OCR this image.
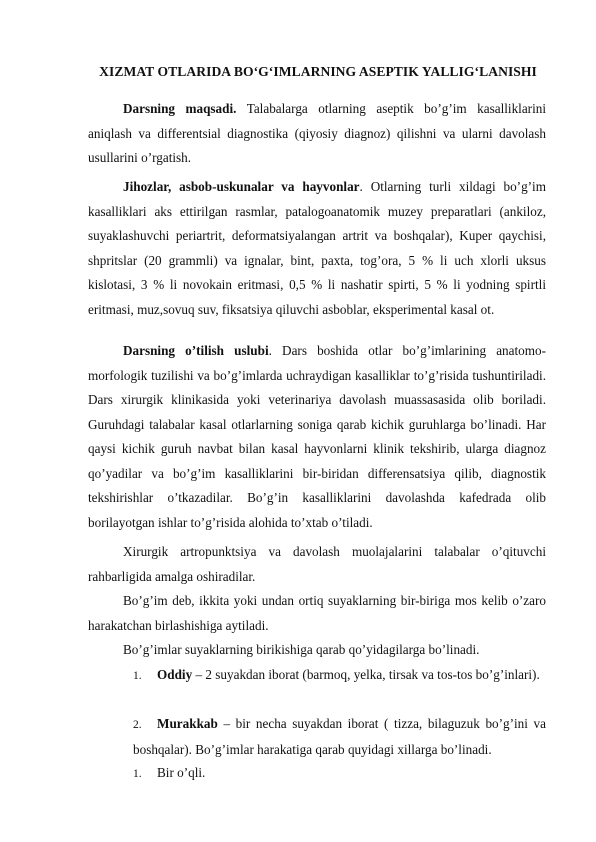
XIZMAT OTLARIDA BO‘G‘IMLARNING ASEPTIK YALLIG‘LANISHI

Darsning maqsadi. Talabalarga otlarning aseptik bo’g’im kasalliklarini aniqlash va differentsial diagnostika (qiyosiy diagnoz) qilishni va ularni davolash usullarini o’rgatish.

Jihozlar, asbob-uskunalar va hayvonlar. Otlarning turli xildagi bo’g’im kasalliklari aks ettirilgan rasmlar, patalogoanatomik muzey preparatlari (ankiloz, suyaklashuvchi periartrit, deformatsiyalangan artrit va boshqalar), Kuper qaychisi, shpritslar (20 grammli) va ignalar, bint, paxta, tog’ora, 5 % li uch xlorli uksus kislotasi, 3 % li novokain eritmasi, 0,5 % li nashatir spirti, 5 % li yodning spirtli eritmasi, muz,sovuq suv, fiksatsiya qiluvchi asboblar, eksperimental kasal ot.

Darsning o’tilish uslubi. Dars boshida otlar bo’g’imlarining anatomo-morfologik tuzilishi va bo’g’imlarda uchraydigan kasalliklar to’g’risida tushuntiriladi. Dars xirurgik klinikasida yoki veterinariya davolash muassasasida olib boriladi. Guruhdagi talabalar kasal otlarlarning soniga qarab kichik guruhlarga bo’linadi. Har qaysi kichik guruh navbat bilan kasal hayvonlarni klinik tekshirib, ularga diagnoz qo’yadilar va bo’g’im kasalliklarini bir-biridan differensatsiya qilib, diagnostik tekshirishlar o’tkazadilar. Bo’g’in kasalliklarini davolashda kafedrada olib borilayotgan ishlar to’g’risida alohida to’xtab o’tiladi.

Xirurgik artropunktsiya va davolash muolajalarini talabalar o’qituvchi rahbarligida amalga oshiradilar.

Bo’g’im deb, ikkita yoki undan ortiq suyaklarning bir-biriga mos kelib o’zaro harakatchan birlashishiga aytiladi.

Bo’g’imlar suyaklarning birikishiga qarab qo’yidagilarga bo’linadi.

1. Oddiy – 2 suyakdan iborat (barmoq, yelka, tirsak va tos-tos bo’g’inlari).

2. Murakkab – bir necha suyakdan iborat ( tizza, bilaguzuk bo’g’ini va boshqalar). Bo’g’imlar harakatiga qarab quyidagi xillarga bo’linadi.

1. Bir o’qli.
